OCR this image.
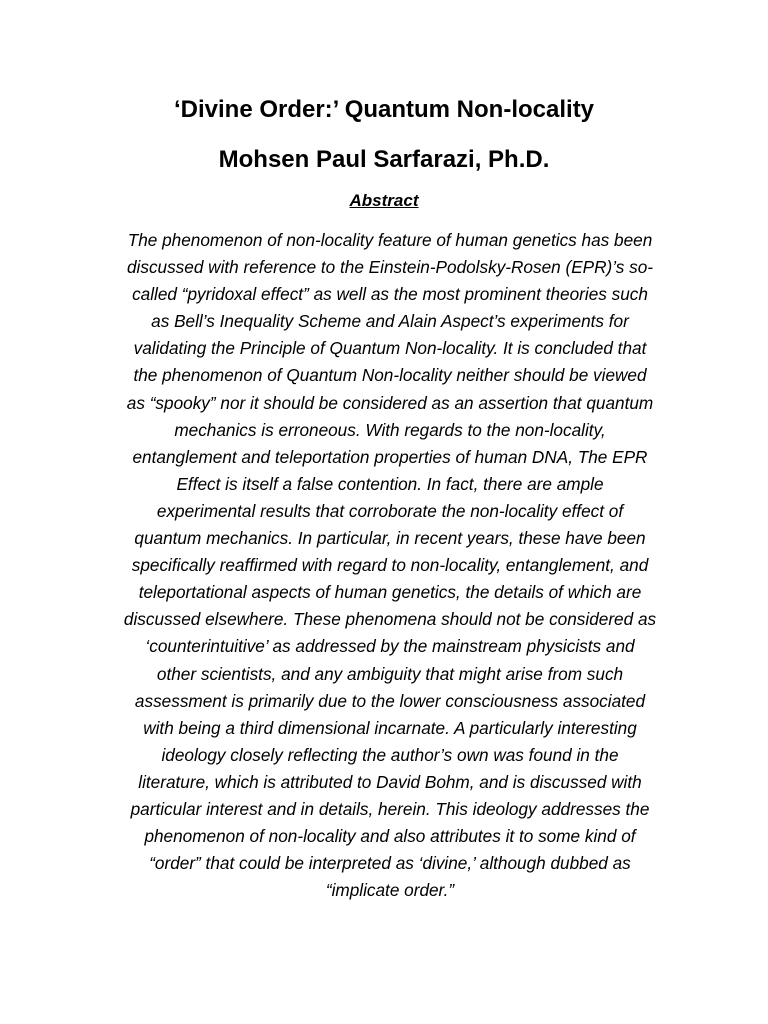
‘Divine Order:’ Quantum Non-locality
Mohsen Paul Sarfarazi, Ph.D.
Abstract

The phenomenon of non-locality feature of human genetics has been
discussed with reference to the Einstein-Podolsky-Rosen (EPR)’s so-
called “pyridoxal effect” as well as the most prominent theories such
as Bell’s Inequality Scheme and Alain Aspect’s experiments for
validating the Principle of Quantum Non-locality. It is concluded that
the phenomenon of Quantum Non-locality neither should be viewed
as “spooky” nor it should be considered as an assertion that quantum
mechanics is erroneous. With regards to the non-locality,
entanglement and teleportation properties of human DNA, The EPR
Effect is itself a false contention. In fact, there are ample
experimental results that corroborate the non-locality effect of
quantum mechanics. In particular, in recent years, these have been
specifically reaffirmed with regard to non-locality, entanglement, and
teleportational aspects of human genetics, the details of which are
discussed elsewhere. These phenomena should not be considered as
‘counterintuitive’ as addressed by the mainstream physicists and
other scientists, and any ambiguity that might arise from such
assessment is primarily due to the lower consciousness associated
with being a third dimensional incarnate. A particularly interesting
ideology closely reflecting the author’s own was found in the
literature, which is attributed to David Bohm, and is discussed with
particular interest and in details, herein. This ideology addresses the
phenomenon of non-locality and also attributes it to some kind of
“order” that could be interpreted as ‘divine,’ although dubbed as
“implicate order.”
